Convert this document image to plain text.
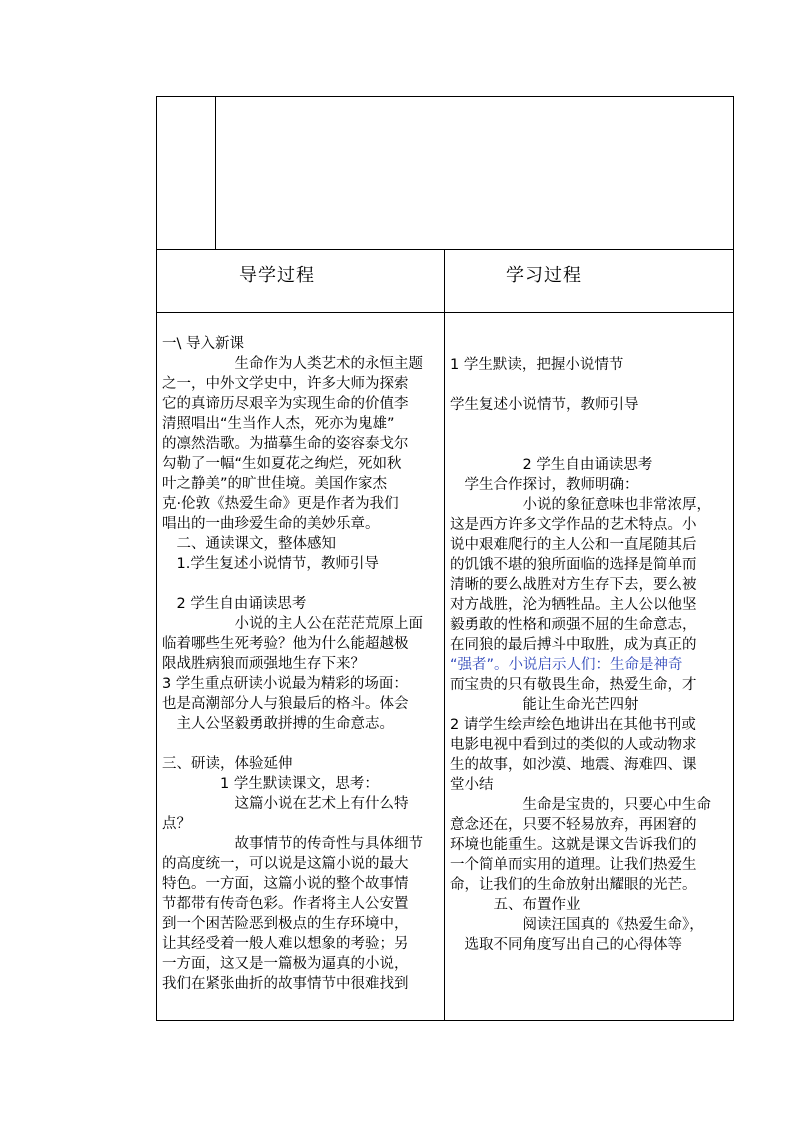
导学过程	学习过程
一\ 导入新课
　　　　　生命作为人类艺术的永恒主题
之一，中外文学史中，许多大师为探索
它的真谛历尽艰辛为实现生命的价值李
清照唱出“生当作人杰，死亦为鬼雄”
的凛然浩歌。为描摹生命的姿容泰戈尔
勾勒了一幅“生如夏花之绚烂，死如秋
叶之静美”的旷世佳境。美国作家杰
克·伦敦《热爱生命》更是作者为我们
唱出的一曲珍爱生命的美妙乐章。
　二、通读课文，整体感知
　1.学生复述小说情节，教师引导
　2 学生自由诵读思考
　　　　　小说的主人公在茫茫荒原上面
临着哪些生死考验？他为什么能超越极
限战胜病狼而顽强地生存下来？
3 学生重点研读小说最为精彩的场面：
也是高潮部分人与狼最后的格斗。体会
　主人公坚毅勇敢拼搏的生命意志。
三、研读，体验延伸
　　　　1 学生默读课文，思考：
　　　　　这篇小说在艺术上有什么特
点？
　　　　　故事情节的传奇性与具体细节
的高度统一，可以说是这篇小说的最大
特色。一方面，这篇小说的整个故事情
节都带有传奇色彩。作者将主人公安置
到一个困苦险恶到极点的生存环境中，
让其经受着一般人难以想象的考验；另
一方面，这又是一篇极为逼真的小说，
我们在紧张曲折的故事情节中很难找到
1 学生默读，把握小说情节
学生复述小说情节，教师引导
　　　　　2 学生自由诵读思考
　学生合作探讨，教师明确：
　　　　　小说的象征意味也非常浓厚，
这是西方许多文学作品的艺术特点。小
说中艰难爬行的主人公和一直尾随其后
的饥饿不堪的狼所面临的选择是简单而
清晰的要么战胜对方生存下去，要么被
对方战胜，沦为牺牲品。主人公以他坚
毅勇敢的性格和顽强不屈的生命意志，
在同狼的最后搏斗中取胜，成为真正的
“强者”。小说启示人们：生命是神奇
而宝贵的只有敬畏生命，热爱生命，才
　　　　　能让生命光芒四射
2 请学生绘声绘色地讲出在其他书刊或
电影电视中看到过的类似的人或动物求
生的故事，如沙漠、地震、海难四、课
堂小结
　　　　　生命是宝贵的，只要心中生命
意念还在，只要不轻易放弃，再困窘的
环境也能重生。这就是课文告诉我们的
一个简单而实用的道理。让我们热爱生
命，让我们的生命放射出耀眼的光芒。
　　　五、布置作业
　　　　　阅读汪国真的《热爱生命》，
　选取不同角度写出自己的心得体等
